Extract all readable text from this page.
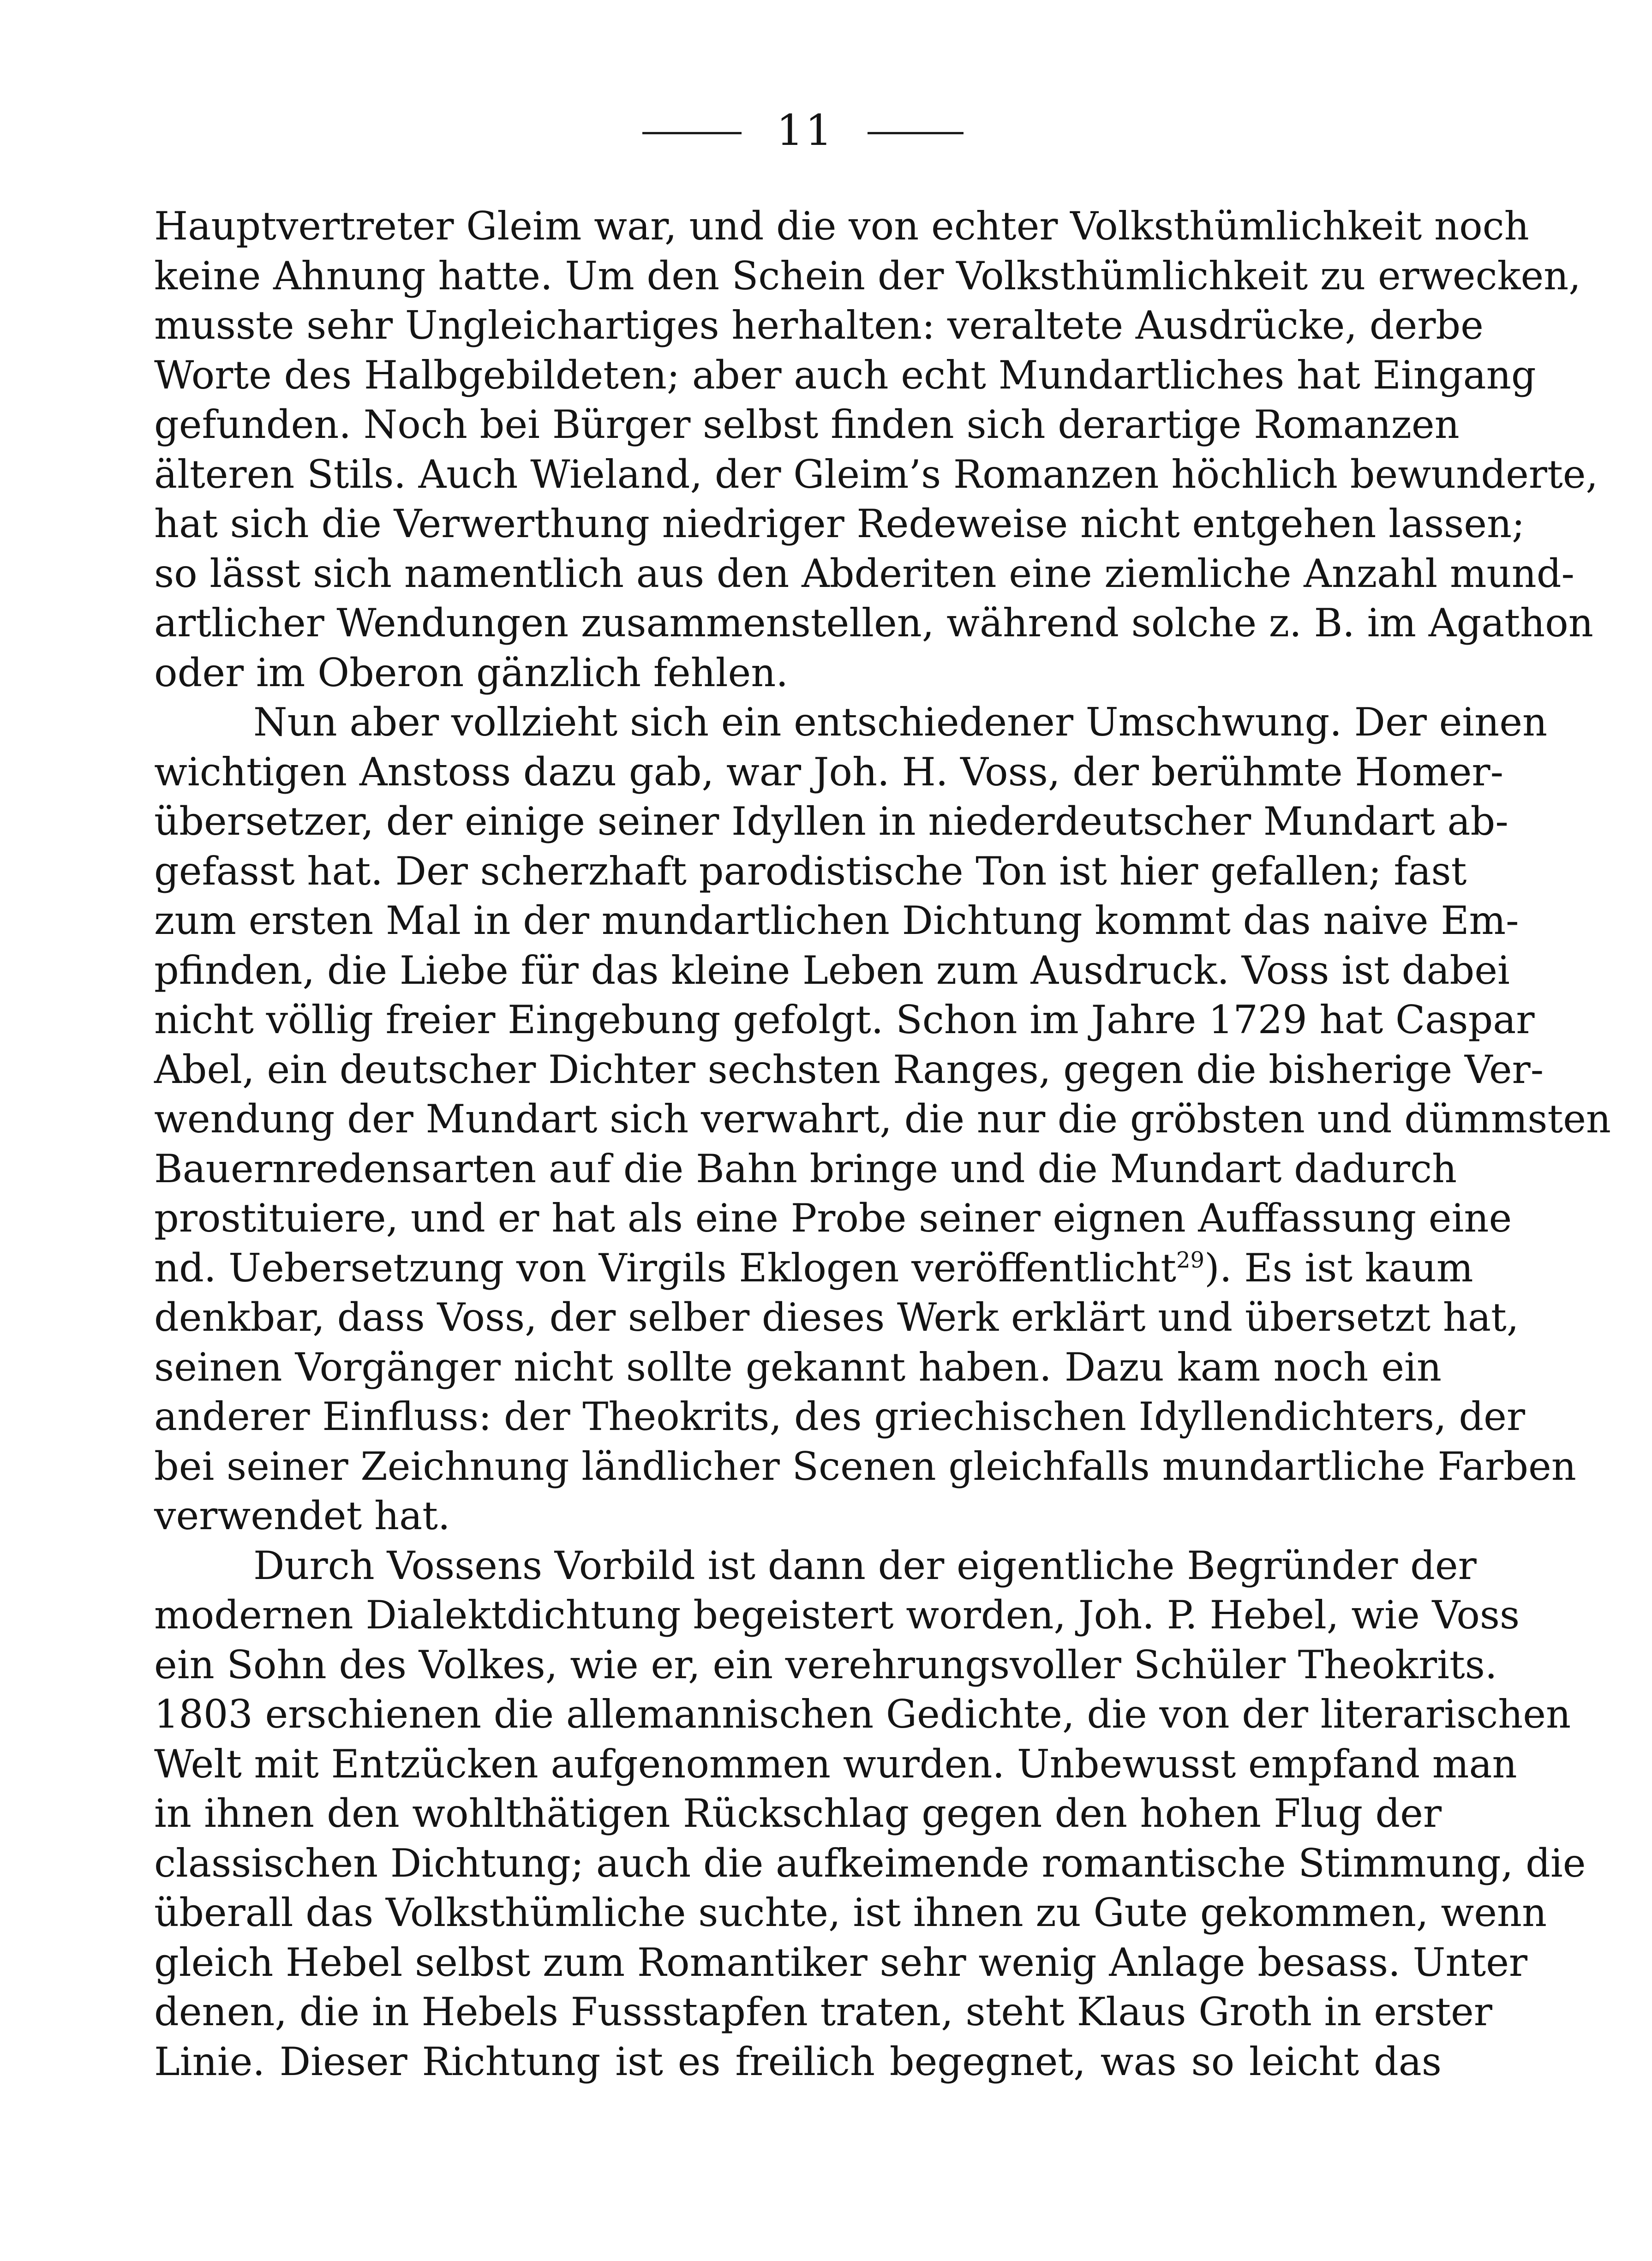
11
Hauptvertreter Gleim war, und die von echter Volksthümlichkeit noch
keine Ahnung hatte. Um den Schein der Volksthümlichkeit zu erwecken,
musste sehr Ungleichartiges herhalten: veraltete Ausdrücke, derbe
Worte des Halbgebildeten; aber auch echt Mundartliches hat Eingang
gefunden. Noch bei Bürger selbst finden sich derartige Romanzen
älteren Stils. Auch Wieland, der Gleim’s Romanzen höchlich bewunderte,
hat sich die Verwerthung niedriger Redeweise nicht entgehen lassen;
so lässt sich namentlich aus den Abderiten eine ziemliche Anzahl mund-
artlicher Wendungen zusammenstellen, während solche z. B. im Agathon
oder im Oberon gänzlich fehlen.
Nun aber vollzieht sich ein entschiedener Umschwung. Der einen
wichtigen Anstoss dazu gab, war Joh. H. Voss, der berühmte Homer-
übersetzer, der einige seiner Idyllen in niederdeutscher Mundart ab-
gefasst hat. Der scherzhaft parodistische Ton ist hier gefallen; fast
zum ersten Mal in der mundartlichen Dichtung kommt das naive Em-
pfinden, die Liebe für das kleine Leben zum Ausdruck. Voss ist dabei
nicht völlig freier Eingebung gefolgt. Schon im Jahre 1729 hat Caspar
Abel, ein deutscher Dichter sechsten Ranges, gegen die bisherige Ver-
wendung der Mundart sich verwahrt, die nur die gröbsten und dümmsten
Bauernredensarten auf die Bahn bringe und die Mundart dadurch
prostituiere, und er hat als eine Probe seiner eignen Auffassung eine
nd. Uebersetzung von Virgils Eklogen veröffentlicht$^{29}$). Es ist kaum
denkbar, dass Voss, der selber dieses Werk erklärt und übersetzt hat,
seinen Vorgänger nicht sollte gekannt haben. Dazu kam noch ein
anderer Einfluss: der Theokrits, des griechischen Idyllendichters, der
bei seiner Zeichnung ländlicher Scenen gleichfalls mundartliche Farben
verwendet hat.
Durch Vossens Vorbild ist dann der eigentliche Begründer der
modernen Dialektdichtung begeistert worden, Joh. P. Hebel, wie Voss
ein Sohn des Volkes, wie er, ein verehrungsvoller Schüler Theokrits.
1803 erschienen die allemannischen Gedichte, die von der literarischen
Welt mit Entzücken aufgenommen wurden. Unbewusst empfand man
in ihnen den wohlthätigen Rückschlag gegen den hohen Flug der
classischen Dichtung; auch die aufkeimende romantische Stimmung, die
überall das Volksthümliche suchte, ist ihnen zu Gute gekommen, wenn
gleich Hebel selbst zum Romantiker sehr wenig Anlage besass. Unter
denen, die in Hebels Fussstapfen traten, steht Klaus Groth in erster
Linie. Dieser Richtung ist es freilich begegnet, was so leicht das
